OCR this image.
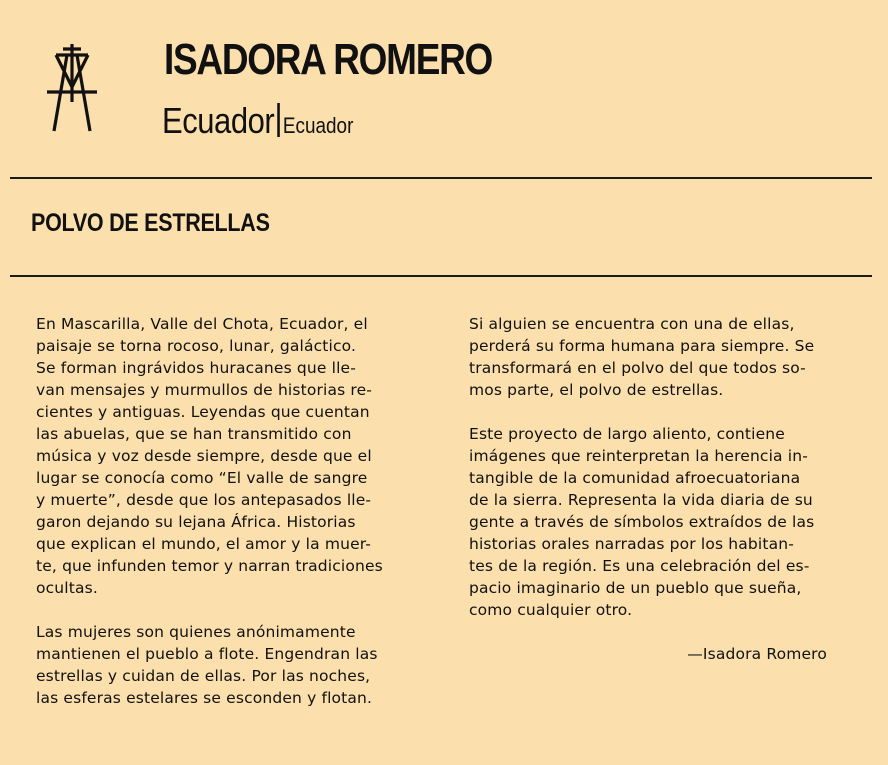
ISADORA ROMERO
Ecuador Ecuador
POLVO DE ESTRELLAS

En Mascarilla, Valle del Chota, Ecuador, el
paisaje se torna rocoso, lunar, galáctico.
Se forman ingrávidos huracanes que lle-
van mensajes y murmullos de historias re-
cientes y antiguas. Leyendas que cuentan
las abuelas, que se han transmitido con
música y voz desde siempre, desde que el
lugar se conocía como “El valle de sangre
y muerte”, desde que los antepasados lle-
garon dejando su lejana África. Historias
que explican el mundo, el amor y la muer-
te, que infunden temor y narran tradiciones
ocultas.

Las mujeres son quienes anónimamente
mantienen el pueblo a flote. Engendran las
estrellas y cuidan de ellas. Por las noches,
las esferas estelares se esconden y flotan.

Si alguien se encuentra con una de ellas,
perderá su forma humana para siempre. Se
transformará en el polvo del que todos so-
mos parte, el polvo de estrellas.

Este proyecto de largo aliento, contiene
imágenes que reinterpretan la herencia in-
tangible de la comunidad afroecuatoriana
de la sierra. Representa la vida diaria de su
gente a través de símbolos extraídos de las
historias orales narradas por los habitan-
tes de la región. Es una celebración del es-
pacio imaginario de un pueblo que sueña,
como cualquier otro.

—Isadora Romero
